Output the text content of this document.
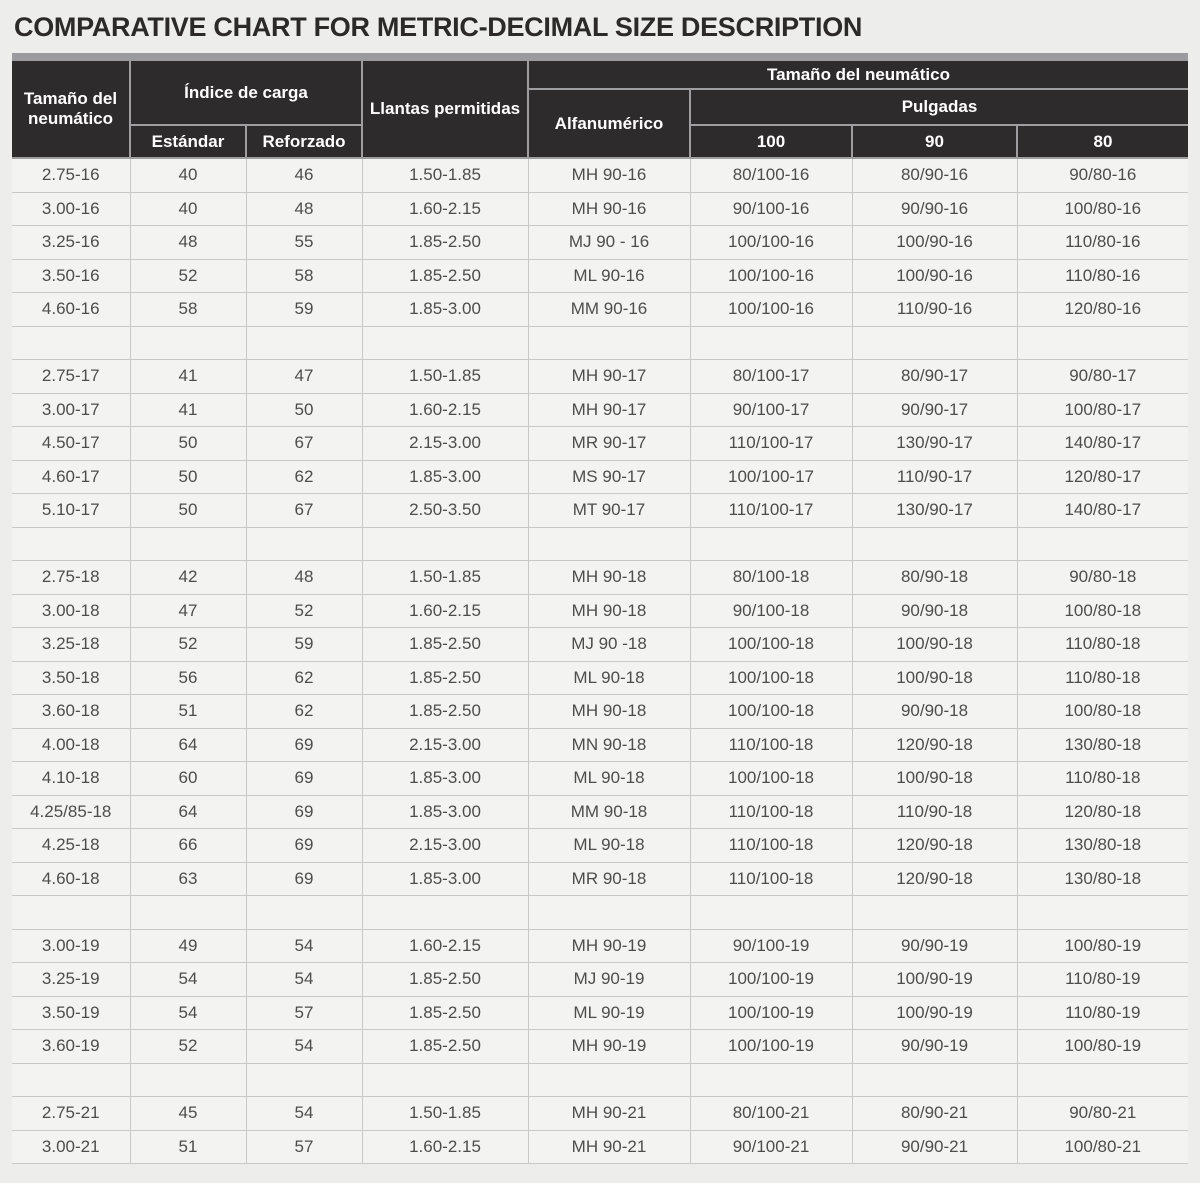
COMPARATIVE CHART FOR METRIC-DECIMAL SIZE DESCRIPTION
Tamaño del neumático	Índice de carga		Llantas permitidas	Tamaño del neumático			
				Alfanumérico	Pulgadas		
	Estándar	Reforzado			100	90	80
2.75-16	40	46	1.50-1.85	MH 90-16	80/100-16	80/90-16	90/80-16
3.00-16	40	48	1.60-2.15	MH 90-16	90/100-16	90/90-16	100/80-16
3.25-16	48	55	1.85-2.50	MJ 90 - 16	100/100-16	100/90-16	110/80-16
3.50-16	52	58	1.85-2.50	ML 90-16	100/100-16	100/90-16	110/80-16
4.60-16	58	59	1.85-3.00	MM 90-16	100/100-16	110/90-16	120/80-16

2.75-17	41	47	1.50-1.85	MH 90-17	80/100-17	80/90-17	90/80-17
3.00-17	41	50	1.60-2.15	MH 90-17	90/100-17	90/90-17	100/80-17
4.50-17	50	67	2.15-3.00	MR 90-17	110/100-17	130/90-17	140/80-17
4.60-17	50	62	1.85-3.00	MS 90-17	100/100-17	110/90-17	120/80-17
5.10-17	50	67	2.50-3.50	MT 90-17	110/100-17	130/90-17	140/80-17

2.75-18	42	48	1.50-1.85	MH 90-18	80/100-18	80/90-18	90/80-18
3.00-18	47	52	1.60-2.15	MH 90-18	90/100-18	90/90-18	100/80-18
3.25-18	52	59	1.85-2.50	MJ 90 -18	100/100-18	100/90-18	110/80-18
3.50-18	56	62	1.85-2.50	ML 90-18	100/100-18	100/90-18	110/80-18
3.60-18	51	62	1.85-2.50	MH 90-18	100/100-18	90/90-18	100/80-18
4.00-18	64	69	2.15-3.00	MN 90-18	110/100-18	120/90-18	130/80-18
4.10-18	60	69	1.85-3.00	ML 90-18	100/100-18	100/90-18	110/80-18
4.25/85-18	64	69	1.85-3.00	MM 90-18	110/100-18	110/90-18	120/80-18
4.25-18	66	69	2.15-3.00	ML 90-18	110/100-18	120/90-18	130/80-18
4.60-18	63	69	1.85-3.00	MR 90-18	110/100-18	120/90-18	130/80-18

3.00-19	49	54	1.60-2.15	MH 90-19	90/100-19	90/90-19	100/80-19
3.25-19	54	54	1.85-2.50	MJ 90-19	100/100-19	100/90-19	110/80-19
3.50-19	54	57	1.85-2.50	ML 90-19	100/100-19	100/90-19	110/80-19
3.60-19	52	54	1.85-2.50	MH 90-19	100/100-19	90/90-19	100/80-19

2.75-21	45	54	1.50-1.85	MH 90-21	80/100-21	80/90-21	90/80-21
3.00-21	51	57	1.60-2.15	MH 90-21	90/100-21	90/90-21	100/80-21
